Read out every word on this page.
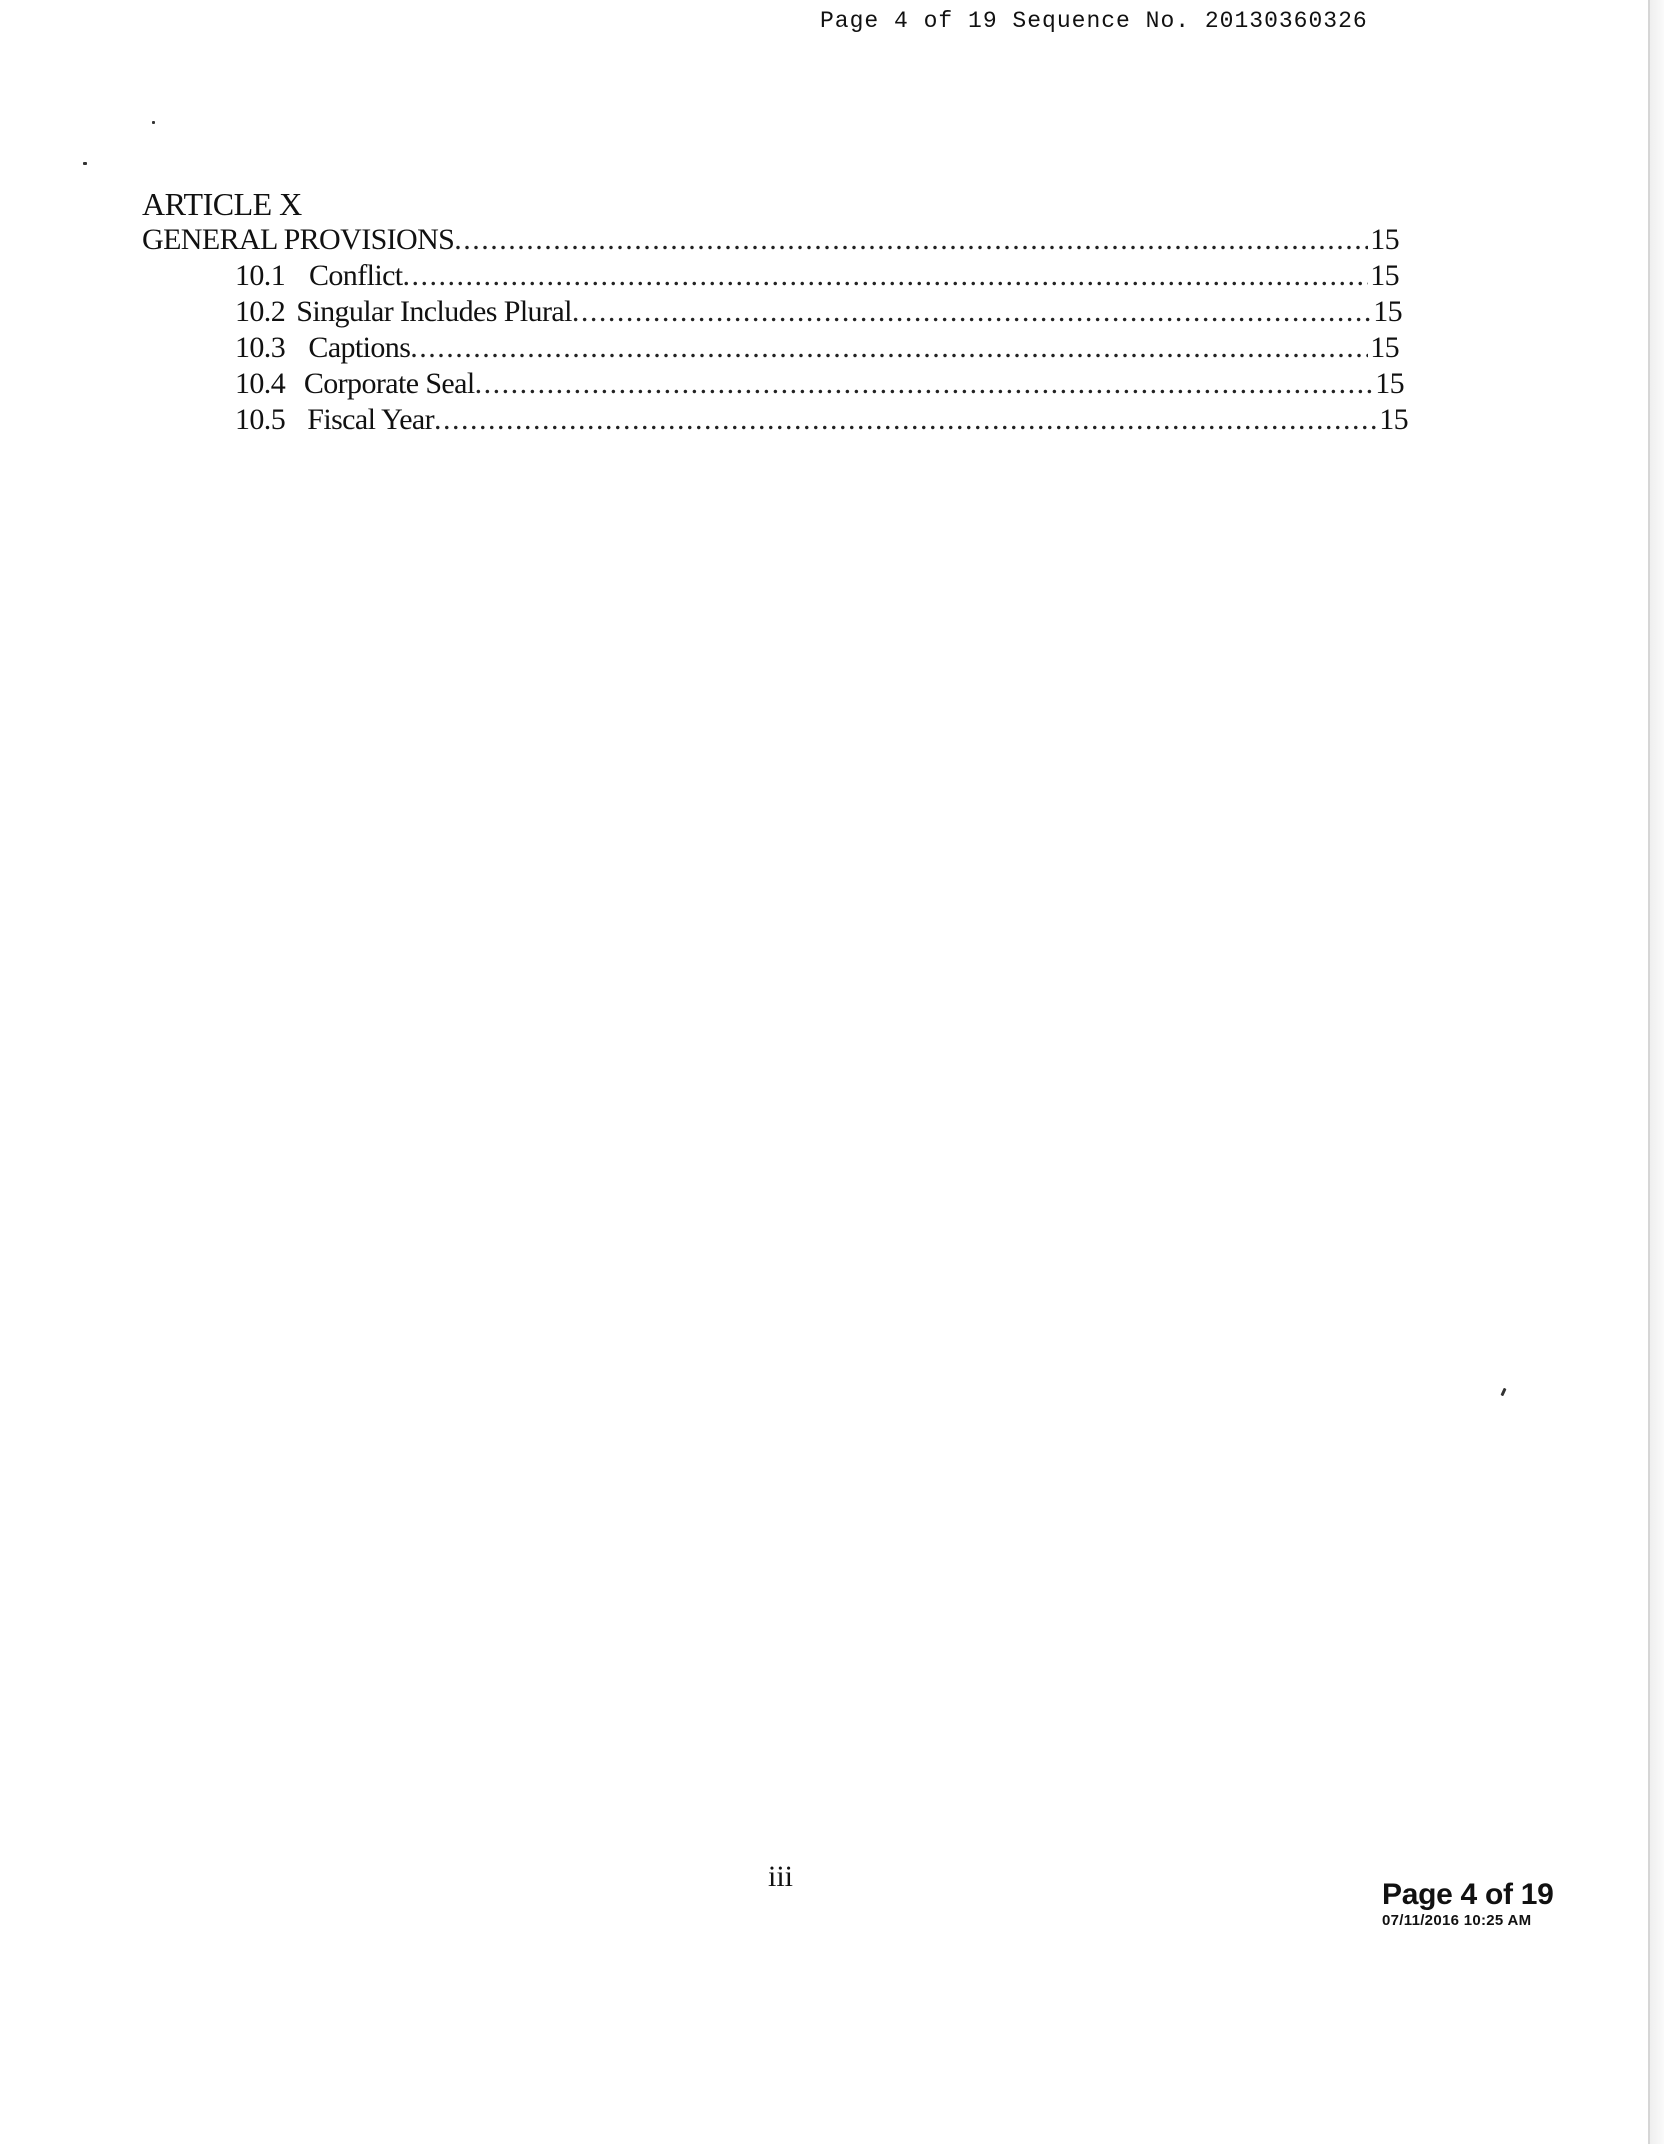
Page 4 of 19 Sequence No. 20130360326
ARTICLE X
GENERAL PROVISIONS .....	15
10.1 Conflict .....	15
10.2 Singular Includes Plural .....	15
10.3 Captions .....	15
10.4 Corporate Seal .....	15
10.5 Fiscal Year .....	15
iii
Page 4 of 19
07/11/2016 10:25 AM
